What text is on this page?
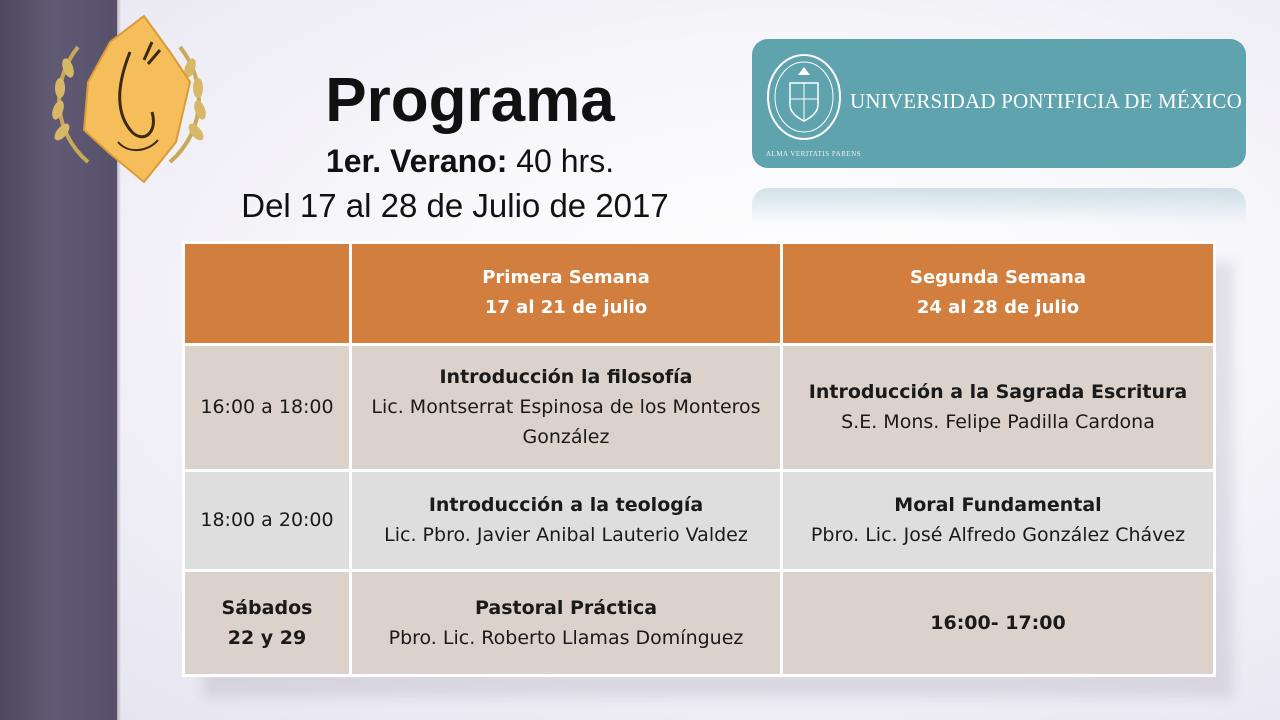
Programa
1er. Verano: 40 hrs.
Del 17 al 28 de Julio de 2017
UNIVERSIDAD PONTIFICIA DE MÉXICO
ALMA VERITATIS PARENS

	Primera Semana
17 al 21 de julio	Segunda Semana
24 al 28 de julio

16:00 a 18:00	Introducción la filosofía
Lic. Montserrat Espinosa de los Monteros
González	Introducción a la Sagrada Escritura
S.E. Mons. Felipe Padilla Cardona

18:00 a 20:00	Introducción a la teología
Lic. Pbro. Javier Anibal Lauterio Valdez	Moral Fundamental
Pbro. Lic. José Alfredo González Chávez

Sábados
22 y 29	Pastoral Práctica
Pbro. Lic. Roberto Llamas Domínguez	16:00- 17:00
